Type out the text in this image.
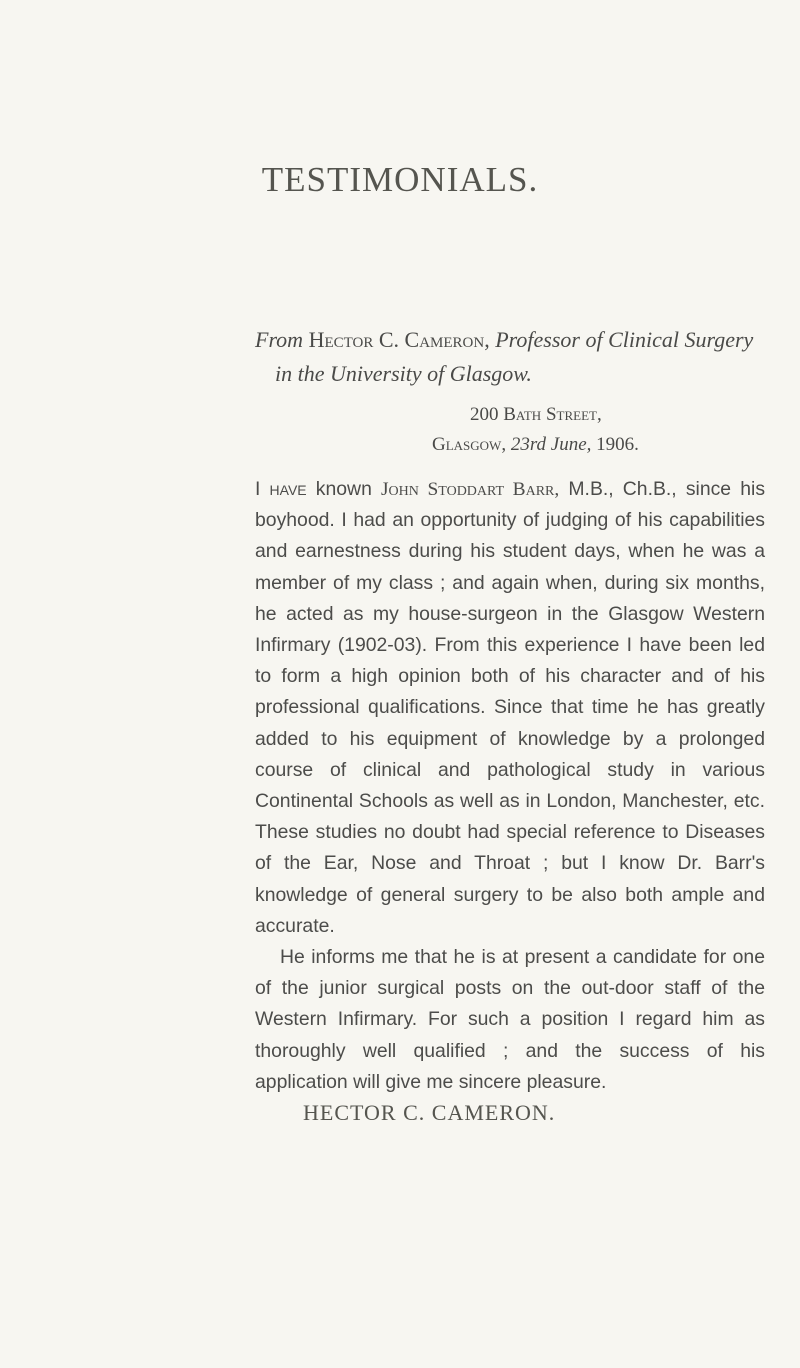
TESTIMONIALS.
From Hector C. Cameron, Professor of Clinical Surgery
in the University of Glasgow.
200 Bath Street,
Glasgow, 23rd June, 1906.

I have known John Stoddart Barr, M.B., Ch.B., since his boyhood. I had an opportunity of judging of his capabilities and earnestness during his student days, when he was a member of my class ; and again when, during six months, he acted as my house-surgeon in the Glasgow Western Infirmary (1902-03). From this experience I have been led to form a high opinion both of his character and of his professional qualifications. Since that time he has greatly added to his equipment of knowledge by a prolonged course of clinical and pathological study in various Continental Schools as well as in London, Manchester, etc. These studies no doubt had special reference to Diseases of the Ear, Nose and Throat ; but I know Dr. Barr's knowledge of general surgery to be also both ample and accurate.

He informs me that he is at present a candidate for one of the junior surgical posts on the out-door staff of the Western Infirmary. For such a position I regard him as thoroughly well qualified ; and the success of his application will give me sincere pleasure.

HECTOR C. CAMERON.
